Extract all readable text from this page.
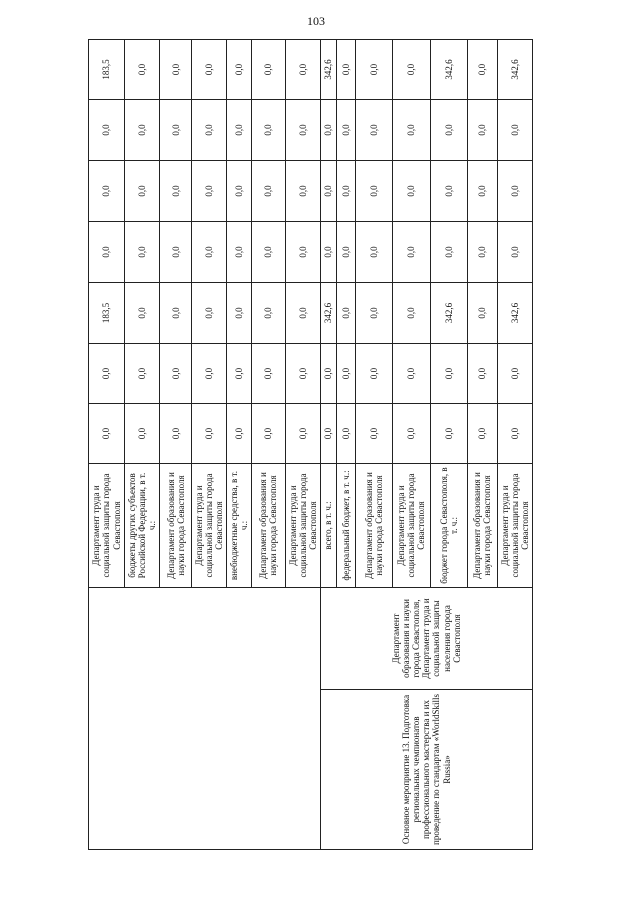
103
		Департамент труда и социальной защиты города Севастополя	0,0	0,0	183,5	0,0	0,0	0,0	183,5
		бюджеты других субъектов Российской Федерации, в т. ч.:	0,0	0,0	0,0	0,0	0,0	0,0	0,0
		Департамент образования и науки города Севастополя	0,0	0,0	0,0	0,0	0,0	0,0	0,0
		Департамент труда и социальной защиты города Севастополя	0,0	0,0	0,0	0,0	0,0	0,0	0,0
		внебюджетные средства, в т. ч.:	0,0	0,0	0,0	0,0	0,0	0,0	0,0
		Департамент образования и науки города Севастополя	0,0	0,0	0,0	0,0	0,0	0,0	0,0
		Департамент труда и социальной защиты города Севастополя	0,0	0,0	0,0	0,0	0,0	0,0	0,0
Основное мероприятие 13. Подготовка региональных чемпионатов профессионального мастерства и их проведение по стандартам «WorldSkills Russia»	Департамент образования и науки города Севастополя, Департамент труда и социальной защиты населения города Севастополя	всего, в т. ч.:	0,0	0,0	342,6	0,0	0,0	0,0	342,6
		федеральный бюджет, в т. ч.:	0,0	0,0	0,0	0,0	0,0	0,0	0,0
		Департамент образования и науки города Севастополя	0,0	0,0	0,0	0,0	0,0	0,0	0,0
		Департамент труда и социальной защиты города Севастополя	0,0	0,0	0,0	0,0	0,0	0,0	0,0
		бюджет города Севастополя, в т. ч.:	0,0	0,0	342,6	0,0	0,0	0,0	342,6
		Департамент образования и науки города Севастополя	0,0	0,0	0,0	0,0	0,0	0,0	0,0
		Департамент труда и социальной защиты города Севастополя	0,0	0,0	342,6	0,0	0,0	0,0	342,6
